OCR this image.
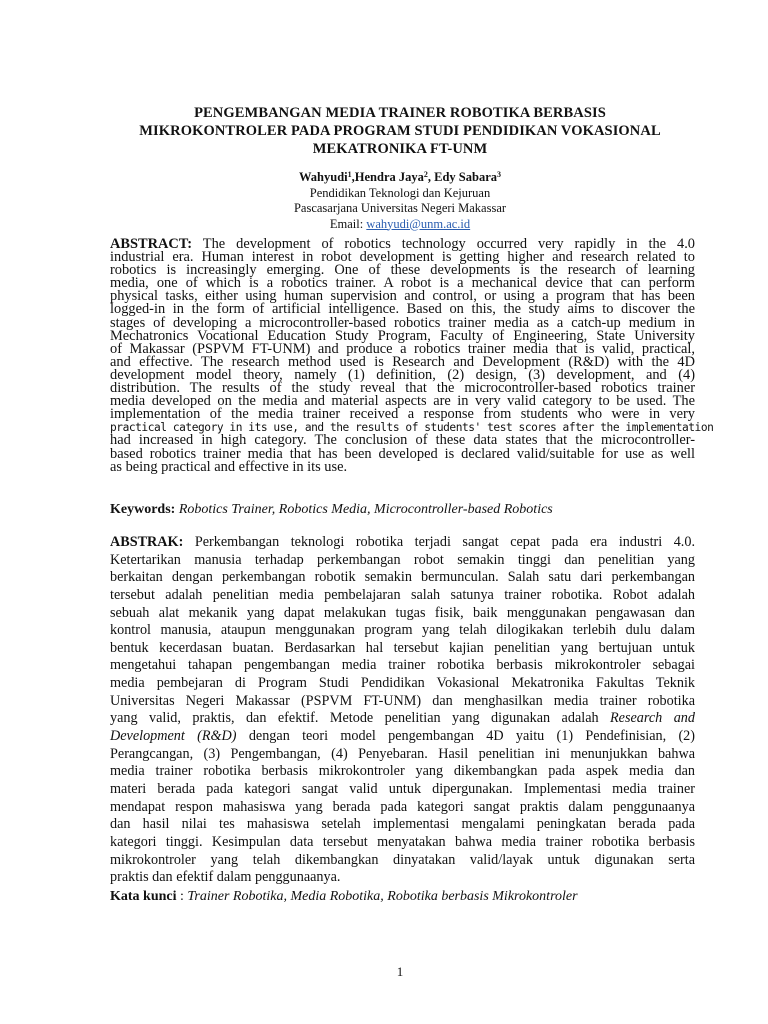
PENGEMBANGAN MEDIA TRAINER ROBOTIKA BERBASIS
MIKROKONTROLER PADA PROGRAM STUDI PENDIDIKAN VOKASIONAL
MEKATRONIKA FT-UNM
Wahyudi$^1$,Hendra Jaya$^2$, Edy Sabara$^3$
Pendidikan Teknologi dan Kejuruan
Pascasarjana Universitas Negeri Makassar
Email: wahyudi@unm.ac.id
ABSTRACT: The development of robotics technology occurred very rapidly in the 4.0
industrial era. Human interest in robot development is getting higher and research related to
robotics is increasingly emerging. One of these developments is the research of learning
media, one of which is a robotics trainer. A robot is a mechanical device that can perform
physical tasks, either using human supervision and control, or using a program that has been
logged-in in the form of artificial intelligence. Based on this, the study aims to discover the
stages of developing a microcontroller-based robotics trainer media as a catch-up medium in
Mechatronics Vocational Education Study Program, Faculty of Engineering, State University
of Makassar (PSPVM FT-UNM) and produce a robotics trainer media that is valid, practical,
and effective. The research method used is Research and Development (R&D) with the 4D
development model theory, namely (1) definition, (2) design, (3) development, and (4)
distribution. The results of the study reveal that the microcontroller-based robotics trainer
media developed on the media and material aspects are in very valid category to be used. The
implementation of the media trainer received a response from students who were in very
practical category in its use, and the results of students' test scores after the implementation
had increased in high category. The conclusion of these data states that the microcontroller-
based robotics trainer media that has been developed is declared valid/suitable for use as well
as being practical and effective in its use.
Keywords: Robotics Trainer, Robotics Media, Microcontroller-based Robotics
ABSTRAK: Perkembangan teknologi robotika terjadi sangat cepat pada era industri 4.0.
Ketertarikan manusia terhadap perkembangan robot semakin tinggi dan penelitian yang
berkaitan dengan perkembangan robotik semakin bermunculan. Salah satu dari perkembangan
tersebut adalah penelitian media pembelajaran salah satunya trainer robotika. Robot adalah
sebuah alat mekanik yang dapat melakukan tugas fisik, baik menggunakan pengawasan dan
kontrol manusia, ataupun menggunakan program yang telah dilogikakan terlebih dulu dalam
bentuk kecerdasan buatan. Berdasarkan hal tersebut kajian penelitian yang bertujuan untuk
mengetahui tahapan pengembangan media trainer robotika berbasis mikrokontroler sebagai
media pembejaran di Program Studi Pendidikan Vokasional Mekatronika Fakultas Teknik
Universitas Negeri Makassar (PSPVM FT-UNM) dan menghasilkan media trainer robotika
yang valid, praktis, dan efektif. Metode penelitian yang digunakan adalah Research and
Development (R&D) dengan teori model pengembangan 4D yaitu (1) Pendefinisian, (2)
Perangcangan, (3) Pengembangan, (4) Penyebaran. Hasil penelitian ini menunjukkan bahwa
media trainer robotika berbasis mikrokontroler yang dikembangkan pada aspek media dan
materi berada pada kategori sangat valid untuk dipergunakan. Implementasi media trainer
mendapat respon mahasiswa yang berada pada kategori sangat praktis dalam penggunaanya
dan hasil nilai tes mahasiswa setelah implementasi mengalami peningkatan berada pada
kategori tinggi. Kesimpulan data tersebut menyatakan bahwa media trainer robotika berbasis
mikrokontroler yang telah dikembangkan dinyatakan valid/layak untuk digunakan serta
praktis dan efektif dalam penggunaanya.
Kata kunci : Trainer Robotika, Media Robotika, Robotika berbasis Mikrokontroler
1
